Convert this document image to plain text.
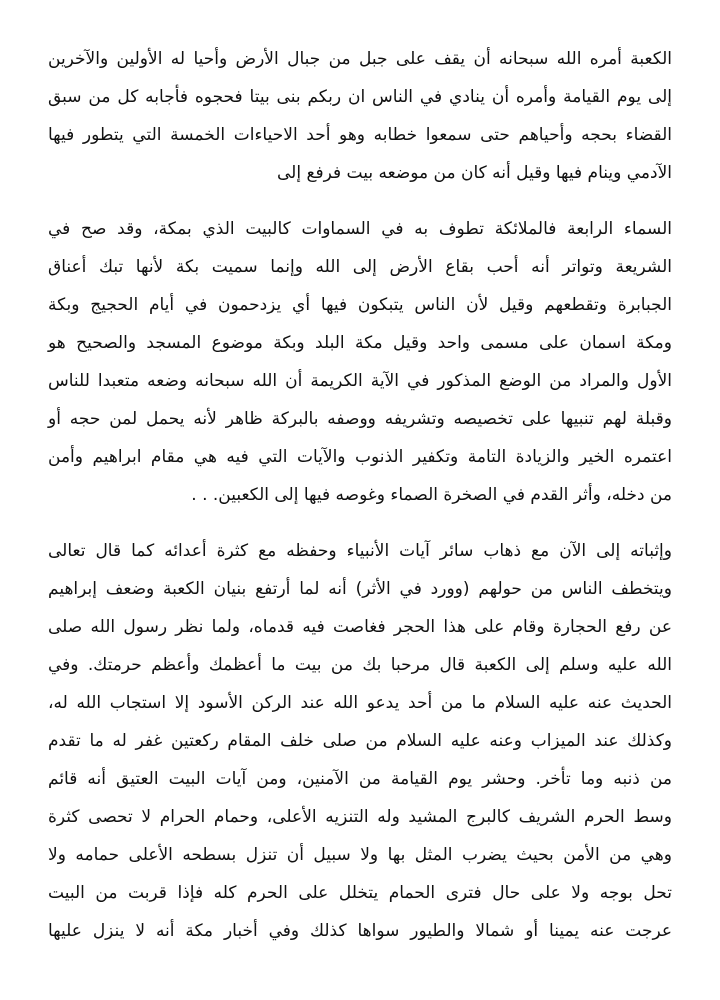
الكعبة أمره الله سبحانه أن يقف على جبل من جبال الأرض وأحيا له الأولين والآخرين
إلى يوم القيامة وأمره أن ينادي في الناس ان ربكم بنى بيتا فحجوه فأجابه كل من سبق
القضاء بحجه وأحياهم حتى سمعوا خطابه وهو أحد الاحياءات الخمسة التي يتطور فيها
الآدمي وينام فيها وقيل أنه كان من موضعه بيت فرفع إلى

السماء الرابعة فالملائكة تطوف به في السماوات كالبيت الذي بمكة، وقد صح في
الشريعة وتواتر أنه أحب بقاع الأرض إلى الله وإنما سميت بكة لأنها تبك أعناق
الجبابرة وتقطعهم وقيل لأن الناس يتبكون فيها أي يزدحمون في أيام الحجيج وبكة
ومكة اسمان على مسمى واحد وقيل مكة البلد وبكة موضوع المسجد والصحيح هو
الأول والمراد من الوضع المذكور في الآية الكريمة أن الله سبحانه وضعه متعبدا للناس
وقبلة لهم تنبيها على تخصيصه وتشريفه ووصفه بالبركة ظاهر لأنه يحمل لمن حجه أو
اعتمره الخير والزيادة التامة وتكفير الذنوب والآيات التي فيه هي مقام ابراهيم وأمن
من دخله، وأثر القدم في الصخرة الصماء وغوصه فيها إلى الكعبين. . .

وإثباته إلى الآن مع ذهاب سائر آيات الأنبياء وحفظه مع كثرة أعدائه كما قال تعالى
ويتخطف الناس من حولهم (وورد في الأثر) أنه لما أرتفع بنيان الكعبة وضعف إبراهيم
عن رفع الحجارة وقام على هذا الحجر فغاصت فيه قدماه، ولما نظر رسول الله صلى
الله عليه وسلم إلى الكعبة قال مرحبا بك من بيت ما أعظمك وأعظم حرمتك. وفي
الحديث عنه عليه السلام ما من أحد يدعو الله عند الركن الأسود إلا استجاب الله له،
وكذلك عند الميزاب وعنه عليه السلام من صلى خلف المقام ركعتين غفر له ما تقدم
من ذنبه وما تأخر. وحشر يوم القيامة من الآمنين، ومن آيات البيت العتيق أنه قائم
وسط الحرم الشريف كالبرج المشيد وله التنزيه الأعلى، وحمام الحرام لا تحصى كثرة
وهي من الأمن بحيث يضرب المثل بها ولا سبيل أن تنزل بسطحه الأعلى حمامه ولا
تحل بوجه ولا على حال فترى الحمام يتخلل على الحرم كله فإذا قربت من البيت
عرجت عنه يمينا أو شمالا والطيور سواها كذلك وفي أخبار مكة أنه لا ينزل عليها
